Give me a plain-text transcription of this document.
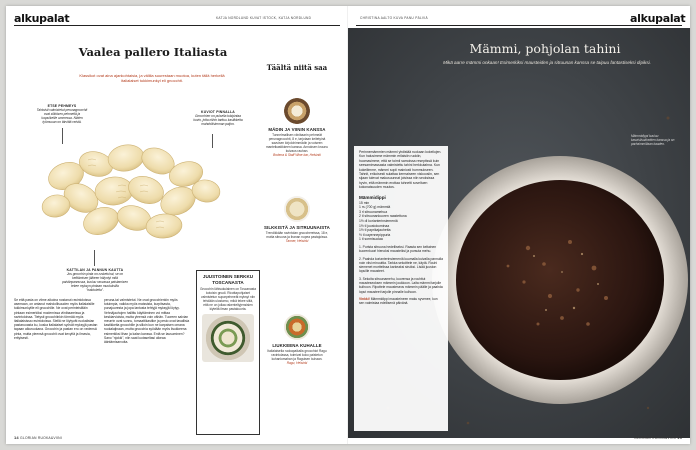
alkupalat	KATJA NORDLUND KUVAT ISTOCK, KATJA NORDLUND
Vaalea pallero Italiasta
Klassikot ovat aina ajankohtaisia, ja väliila suurestaan muotoa, kuten tällä herkellä italialaiset tukkimunkyl eli gnocchit.
ETSE PEHMEYS
Tahtoisit valmistetut perunagnocchit ovat silkkisen pehmeitä ja luopulkeille ummessa. Niiden työmuuan on tärvittä veistä.
KUVIOT PINNALLA
Gnocchien on pulsella tukipintaa kuvin, jotta niihin tarttuu kastikkeita mahdollisimman paljon.
KATTILAN JA PANNUN KAUTTA
Jos gnocchin pinta on rusketuhut, se on keittämisen jälkeen hälyntyi mitä paistinpannussa, kuuluu rasvassa paistamisen tekee myksyn pintaan muutuksilla "nakkuleita".
Täältä niitä saa
MÄDIN JA VIININ KANSSA
Tunnelmallisen viinibaarin pehmeät perunagnocchit, 8 e, tarjotaan keitetyinä savuisen kirjolohimmädin ja voiseen manteikastikkeen kanssa. Annoksen kruunu kuivaus rauhan.
Bodeca & Staff Wine bar, Helsinki
SILKKISTÄ JA SITRUUNAISTA
Trendikkään ravintolan gnocchereissa, 18 e, mutta sitruuna ja ihanan nupea pastajoissa.
Tanner, Helsinki
LIUKKEENA KUHALLE
Italialaisella ruokapaikalla gnocchiot Ragu ravintolassa, toimivat koko paistetun kuhanlomahan ja Raguisen kuhaan.
Ragu, Helsinki
JUUSTOINEN SERKKU TOSCANASTA
Gnocchin lähisukulainen on Toscanasta kotoisin gnudi. Ricottapohjaiset valmistetun suparpehmeät myksyt niin tehdään ulostamo, mikä tekee siitä, että ne on jollaa rakenteltyjensisien kiyteltä ilman pastakuorta.
Se että pasta on viime aikoina nostanut ravintoloissa asemaan, on antanut mahdollisuuden myös italialaisille tukkimunkyille eli gnocchille. Ne ovat perinteisiltäin pintaan esimerkiksi modernissa viinibaareissa ja ravintoloissa. Tietysti gnocchiinkin törmää myös italialaisissa ravintoloissa. Siellä ne löytyvät ruokalistan pastaruoasta ku, koska italialaiset syövät myksyjä pastan tapaan alkuruokana. Gnocchin ja pastan ero on vedensä pinta, mutta yleensä gnocchit ovat kevyitä ja ilmavia, erityisesti.
peruna-tai valmistetut. Ne ovat gnocchienkin myös tutuimpia, vaikka myös maissista, kurpitsasta, punajuuresta ja jopa lantusta tehtyjä myksyjä löytyy. Vehnäjauhojen hallittu käyttäminen voi mittaa keskiarvioista, mutta yleensä voin vähän. Tuoreen salvian meurrin ovat sunnu, tomaattikastike ja pesto ovat tavallisia kastikkeita gnocchille ja silloin kun ne karpaisen omana ruokalajinaan, mutta gnocchia syödään myös lisukkeena esimerkiksi lihan ja kalan kanssa. Entä se lausuminen? Sano "njokki", niin saat luotaseltasi oikeaa ääntämisarvoita.
14 GLORIAN RUOKA&VIINI
CHRISTINA AALTO KUVA PANU PÄLVIÄ	alkupalat
Mämmi, pohjolan tahini
Mikä aarre mämmi onkaan! Esimerkiksi mausteiden ja sitruunan kanssa se taipuu fantastiseksi dipiksi.
Mämmidippi kuuluu kasvislisukkeiden kanssa ja on parhaimmillaan kauden.
Perinnemämmien mämmi yhdistää ruokaan kokeilujen. Kun halusimme mämmin erilaisiin ruokiin, huomasimme, että se toimii samoissa reseptissä kuin seesamimassasta valmistettu tahini herkkutahna. Kun kokeilimme, mämmi sopii mainiosti hummukseen. Tahnit, erikoisesti sulattaa kermaiseen viskoosiin, sen sijaan tulevat makusuunnat joisissa niin seoksissa hyvin, että mämmin erottaa tuhnetti soveltuen kokonaisuuden muutos.
Mämmidippi
15 min
1 rs (700 g) mämmiä
3 rl sitruunamehua
2 tl sitruunankuoren raastettuna
1½ dl korianterinsiemeniä
1½ tl juustokuminaa
1½ tl paprikajauhetta
½ tl cayennepippuria
1 tl sormisuolaa
1. Purista sitruuna hedelliseksi. Raasta sen keltainen kuorenkuori hienoksi mausteiksi ja pursuta mehu.
2. Paahda korianterinsiemeniä kuumalla kuivalla pannulla noin viisi minuuttia. Tarkka sekoittele ne, käytä. Rouhi siemenet morttelissa karkeaksi siruiksi. Lisää juuston lopuille mausteet.
3. Sekoita sitruunamehu, kuorensa ja rouhitut mausteseoksen mämmin joukkoon. Laita mämmi tarjolle kulhoon. Ripottele mausteseos mämmin päälle ja paahda loput mausteet tarjolle pinnalle kulhoon.
Vinkki! Mämmidippi mausteineen maku syvenee, kun sen valmistaa edellisenä päivänä.
GLORIAN RUOKA&VIINI 15
